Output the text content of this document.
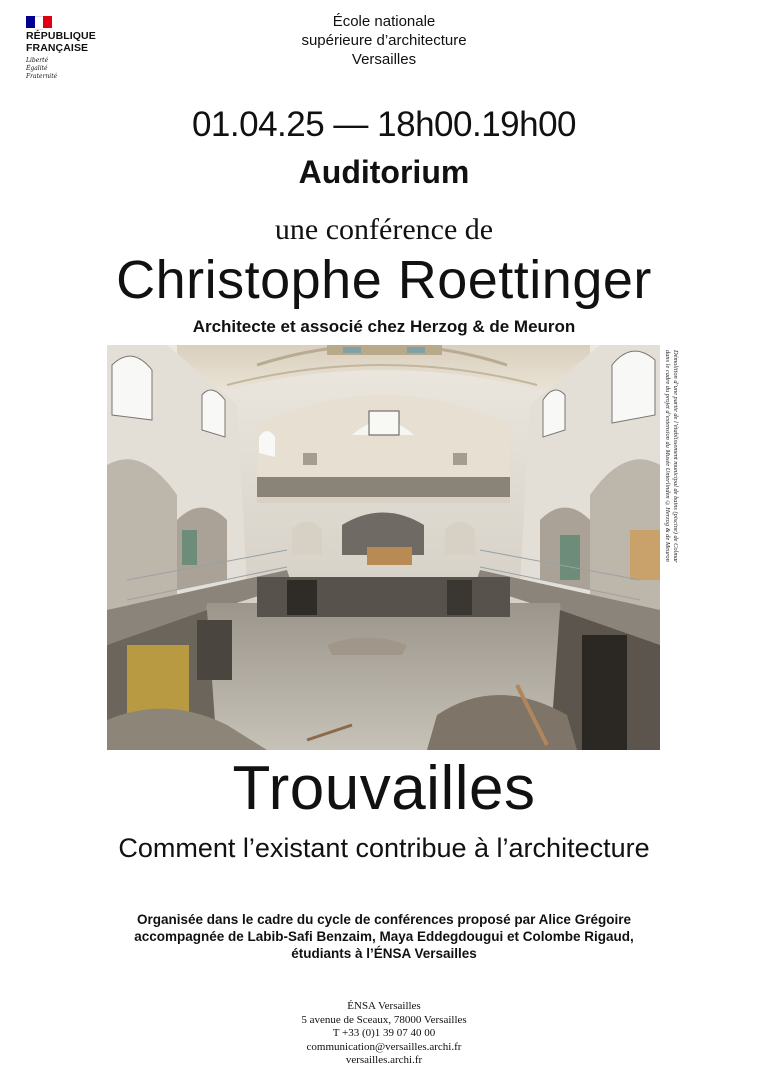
RÉPUBLIQUE
FRANÇAISE
Liberté
Égalité
Fraternité
École nationale
supérieure d’architecture
Versailles
01.04.25 — 18h00.19h00
Auditorium
une conférence de
Christophe Roettinger
Architecte et associé chez Herzog & de Meuron
Démolition d’une partie de l’établissement municipal de bains (piscine) de Colmar
dans le cadre du projet d’extension du Musée Unterlinden ©Herzog & de Meuron
Trouvailles
Comment l’existant contribue à l’architecture
Organisée dans le cadre du cycle de conférences proposé par Alice Grégoire
accompagnée de Labib-Safi Benzaim, Maya Eddegdougui et Colombe Rigaud,
étudiants à l’ÉNSA Versailles
ÉNSA Versailles
5 avenue de Sceaux, 78000 Versailles
T +33 (0)1 39 07 40 00
communication@versailles.archi.fr
versailles.archi.fr
